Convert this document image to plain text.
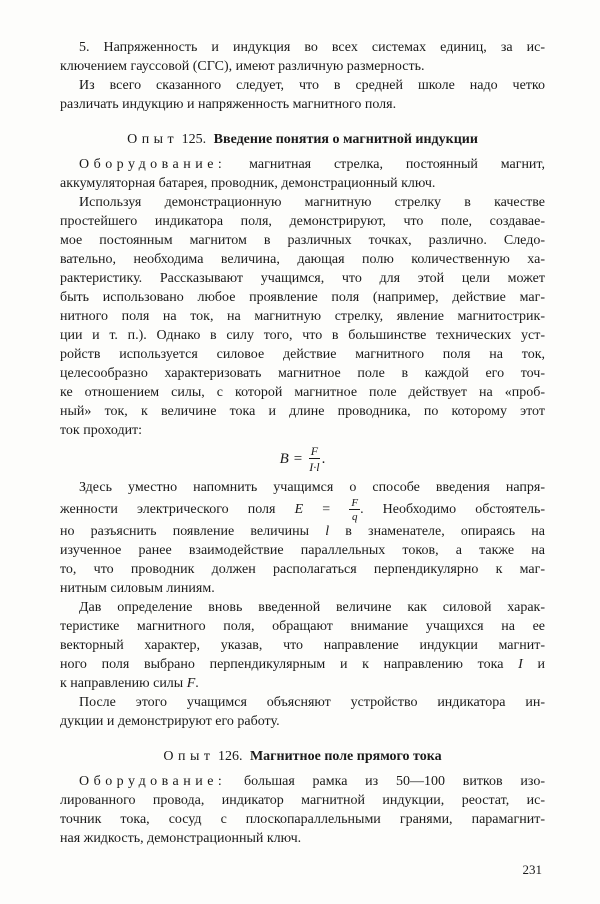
5. Напряженность и индукция во всех системах единиц, за ис-
ключением гауссовой (СГС), имеют различную размерность.
Из всего сказанного следует, что в средней школе надо четко
различать индукцию и напряженность магнитного поля.
Опыт 125. Введение понятия о магнитной индукции
Оборудование: магнитная стрелка, постоянный магнит,
аккумуляторная батарея, проводник, демонстрационный ключ.
Используя демонстрационную магнитную стрелку в качестве
простейшего индикатора поля, демонстрируют, что поле, создавае-
мое постоянным магнитом в различных точках, различно. Следо-
вательно, необходима величина, дающая полю количественную ха-
рактеристику. Рассказывают учащимся, что для этой цели может
быть использовано любое проявление поля (например, действие маг-
нитного поля на ток, на магнитную стрелку, явление магнитострик-
ции и т. п.). Однако в силу того, что в большинстве технических уст-
ройств используется силовое действие магнитного поля на ток,
целесообразно характеризовать магнитное поле в каждой его точ-
ке отношением силы, с которой магнитное поле действует на «проб-
ный» ток, к величине тока и длине проводника, по которому этот
ток проходит:
$B = \frac{F}{I\cdot l}$ .
Здесь уместно напомнить учащимся о способе введения напря-
женности электрического поля $E = \frac{F}{q}$ . Необходимо обстоятель-
но разъяснить появление величины l в знаменателе, опираясь на
изученное ранее взаимодействие параллельных токов, а также на
то, что проводник должен располагаться перпендикулярно к маг-
нитным силовым линиям.
Дав определение вновь введенной величине как силовой харак-
теристике магнитного поля, обращают внимание учащихся на ее
векторный характер, указав, что направление индукции магнит-
ного поля выбрано перпендикулярным и к направлению тока I и
к направлению силы F.
После этого учащимся объясняют устройство индикатора ин-
дукции и демонстрируют его работу.
Опыт 126. Магнитное поле прямого тока
Оборудование: большая рамка из 50—100 витков изо-
лированного провода, индикатор магнитной индукции, реостат, ис-
точник тока, сосуд с плоскопараллельными гранями, парамагнит-
ная жидкость, демонстрационный ключ.
231
